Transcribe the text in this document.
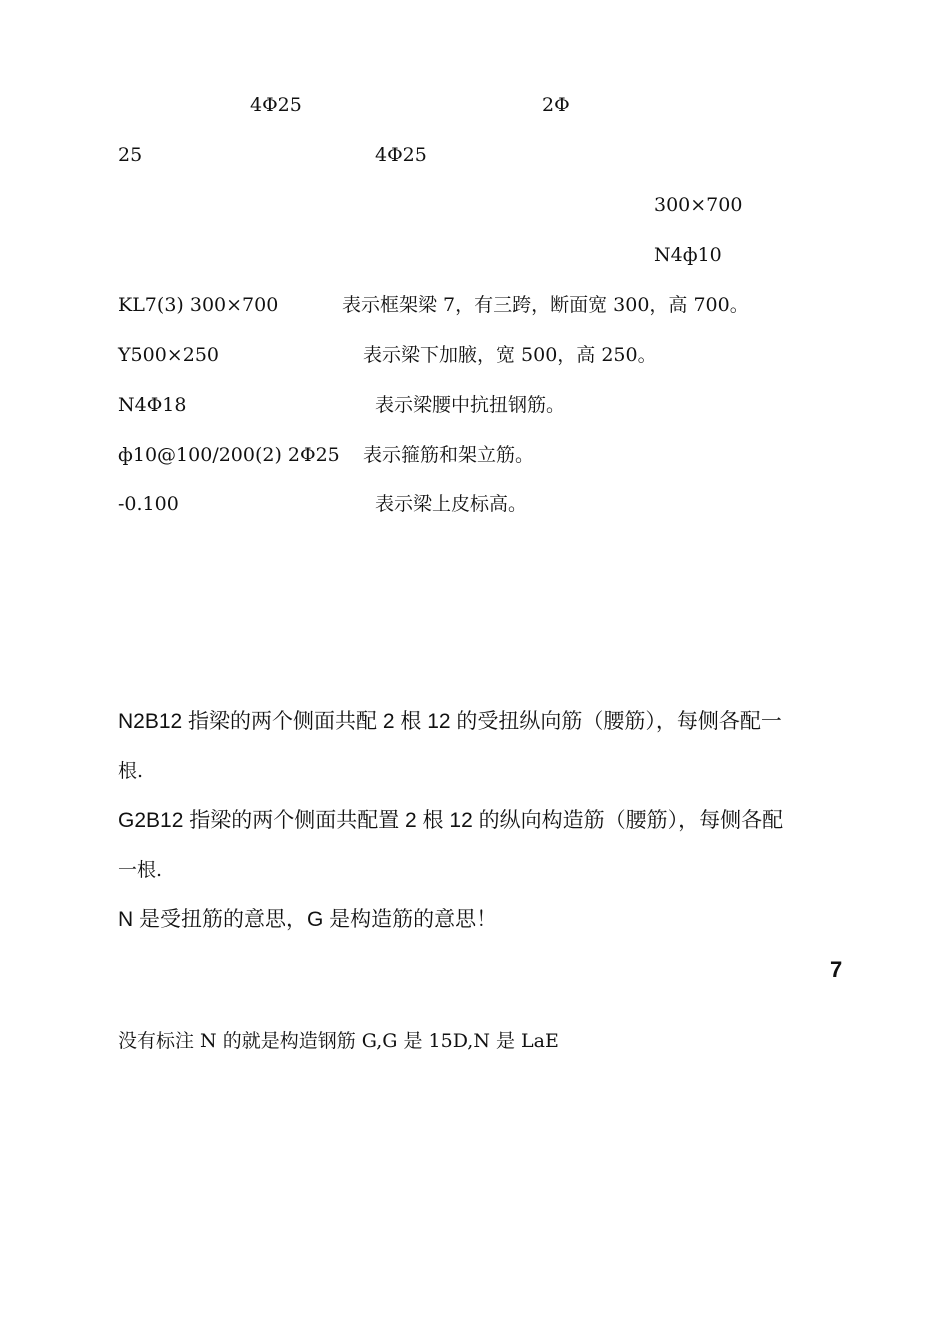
4Φ25	2Φ
25	4Φ25
300×700
N4ф10
KL7(3) 300×700	表示框架梁 7，有三跨，断面宽 300，高 700。
Y500×250	表示梁下加腋，宽 500，高 250。
N4Φ18	表示梁腰中抗扭钢筋。
ф10@100/200(2) 2Φ25 表示箍筋和架立筋。
-0.100	表示梁上皮标高。
N2B12 指梁的两个侧面共配 2 根 12 的受扭纵向筋（腰筋），每侧各配一
根.
G2B12 指梁的两个侧面共配置 2 根 12 的纵向构造筋（腰筋），每侧各配
一根.
N 是受扭筋的意思，G 是构造筋的意思！
7
没有标注 N 的就是构造钢筋 G,G 是 15D,N 是 LaE
